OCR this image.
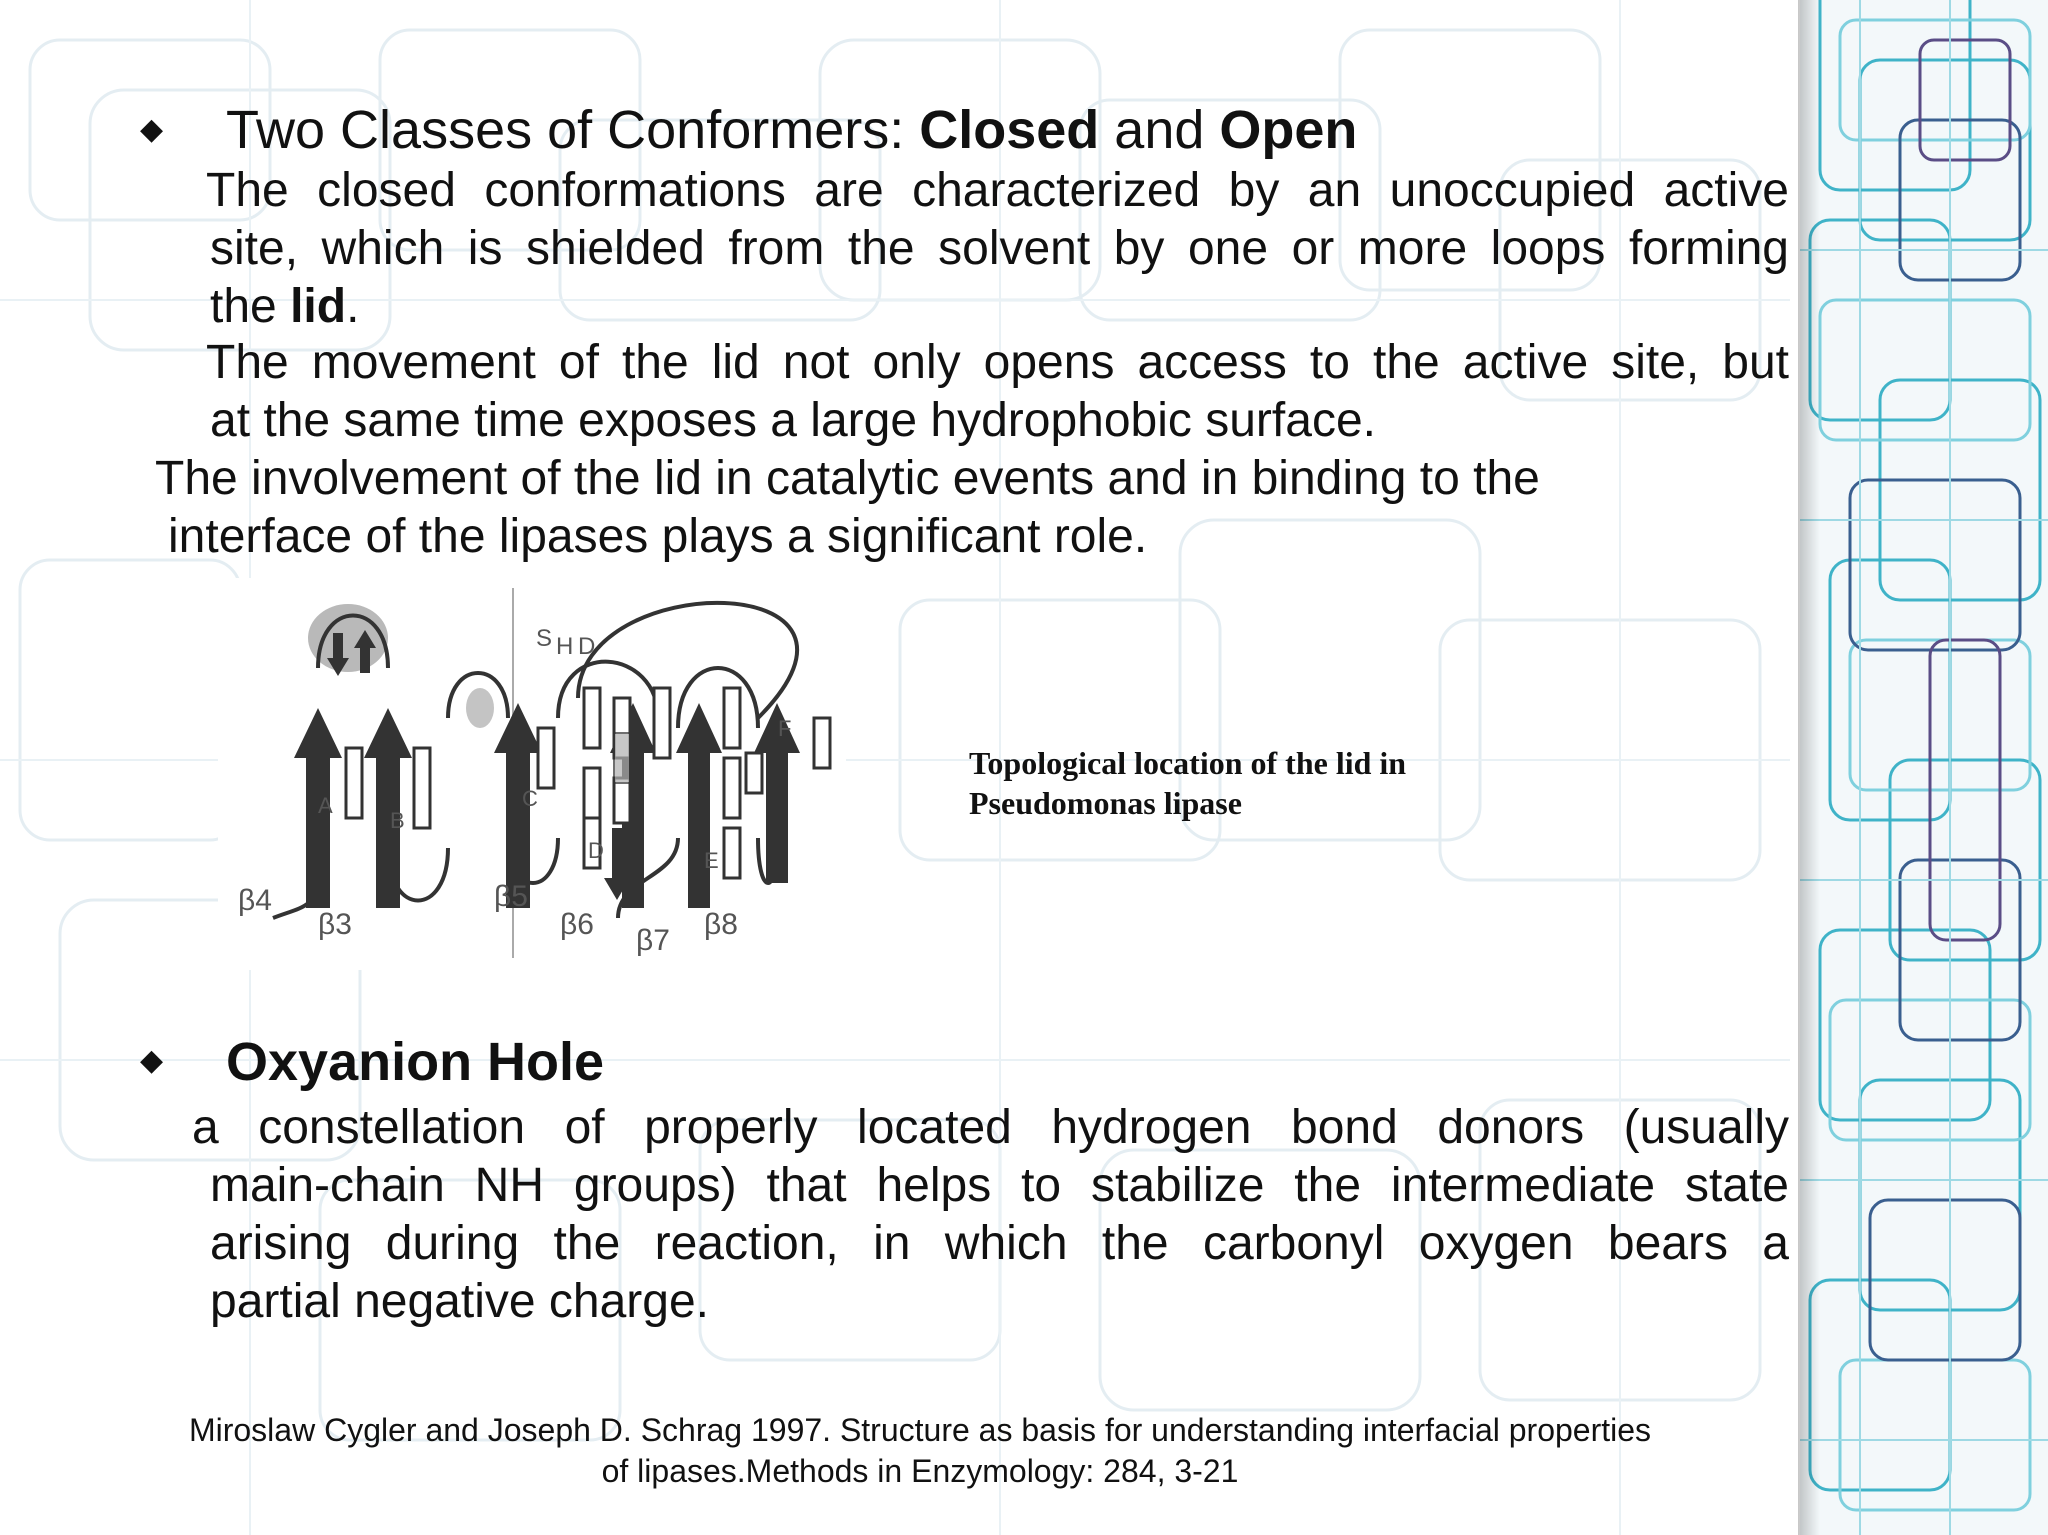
◆ Two Classes of Conformers: Closed and Open
The closed conformations are characterized by an unoccupied active
site, which is shielded from the solvent by one or more loops forming
the lid.
The movement of the lid not only opens access to the active site, but
at the same time exposes a large hydrophobic surface.
The involvement of the lid in catalytic events and in binding to the
interface of the lipases plays a significant role.
A
B
C
D	E
F
S H D
β4
β3
β5
β6 β7 β8
Topological location of the lid in
Pseudomonas lipase
◆ Oxyanion Hole
a constellation of properly located hydrogen bond donors (usually
main-chain NH groups) that helps to stabilize the intermediate state
arising during the reaction, in which the carbonyl oxygen bears a
partial negative charge.
Miroslaw Cygler and Joseph D. Schrag 1997. Structure as basis for understanding interfacial properties
of lipases.Methods in Enzymology: 284, 3-21
